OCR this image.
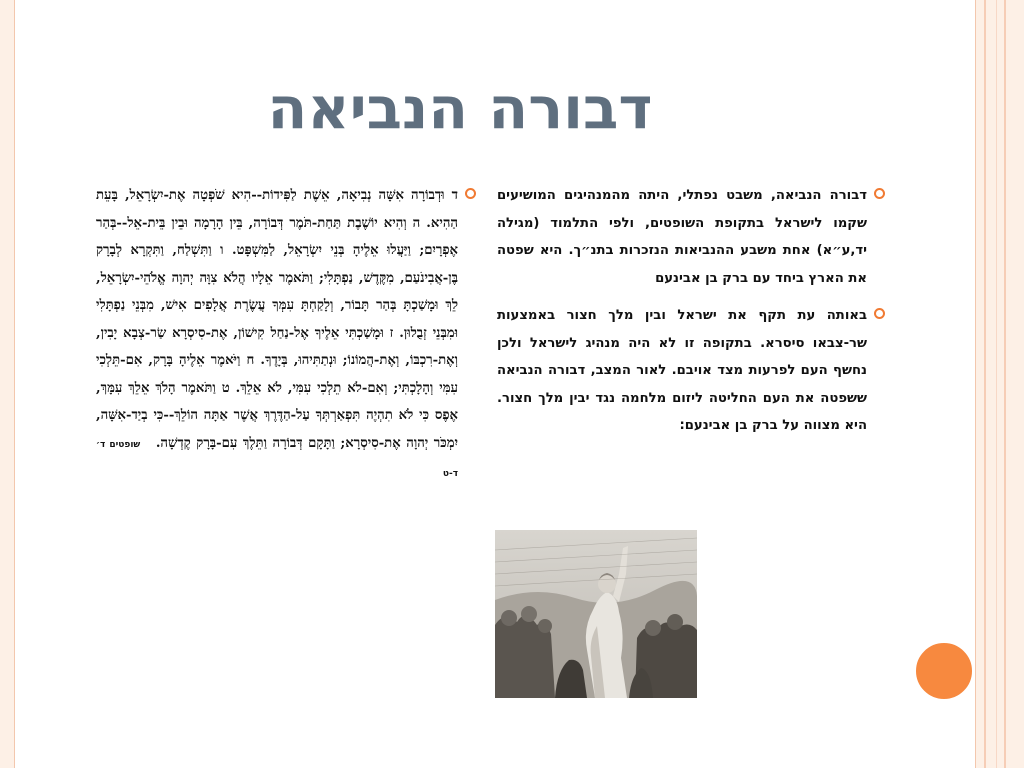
דבורה הנביאה
דבורה הנביאה, משבט נפתלי, היתה מהמנהיגים המושיעים שקמו לישראל בתקופת השופטים, ולפי התלמוד (מגילה יד,ע״א) אחת משבע ההנביאות הנזכרות בתנ״ך. היא שפטה את הארץ ביחד עם ברק בן אבינעם
באותה עת תקף את ישראל ובין מלך חצור באמצעות שר-צבאו סיסרא. בתקופה זו לא היה מנהיג לישראל ולכן נחשף העם לפרעות מצד אויבם. לאור המצב, דבורה הנביאה ששפטה את העם החליטה ליזום מלחמה נגד יבין מלך חצור. היא מצווה על ברק בן אבינעם:
ד וּדְבוֹרָה אִשָּׁה נְבִיאָה, אֵשֶׁת לַפִּידוֹת--הִיא שֹׁפְטָה אֶת-יִשְׂרָאֵל, בָּעֵת הַהִיא. ה וְהִיא יוֹשֶׁבֶת תַּחַת-תֹּמֶר דְּבוֹרָה, בֵּין הָרָמָה וּבֵין בֵּית-אֵל--בְּהַר אֶפְרָיִם; וַיַּעֲלוּ אֵלֶיהָ בְּנֵי יִשְׂרָאֵל, לַמִּשְׁפָּט. ו וַתִּשְׁלַח, וַתִּקְרָא לְבָרָק בֶּן-אֲבִינֹעַם, מִקֶּדֶשׁ, נַפְתָּלִי; וַתֹּאמֶר אֵלָיו הֲלֹא צִוָּה יְהוָה אֱלֹהֵי-יִשְׂרָאֵל, לֵךְ וּמָשַׁכְתָּ בְּהַר תָּבוֹר, וְלָקַחְתָּ עִמְּךָ עֲשֶׂרֶת אֲלָפִים אִישׁ, מִבְּנֵי נַפְתָּלִי וּמִבְּנֵי זְבֻלוּן. ז וּמָשַׁכְתִּי אֵלֶיךָ אֶל-נַחַל קִישׁוֹן, אֶת-סִיסְרָא שַׂר-צְבָא יָבִין, וְאֶת-רִכְבּוֹ, וְאֶת-הֲמוֹנוֹ; וּנְתַתִּיהוּ, בְּיָדֶךָ. ח וַיֹּאמֶר אֵלֶיהָ בָּרָק, אִם-תֵּלְכִי עִמִּי וְהָלָכְתִּי; וְאִם-לֹא תֵלְכִי עִמִּי, לֹא אֵלֵךְ. ט וַתֹּאמֶר הָלֹךְ אֵלֵךְ עִמָּךְ, אֶפֶס כִּי לֹא תִהְיֶה תִּפְאַרְתְּךָ עַל-הַדֶּרֶךְ אֲשֶׁר אַתָּה הוֹלֵךְ--כִּי בְיַד-אִשָּׁה, יִמְכֹּר יְהוָה אֶת-סִיסְרָא; וַתָּקָם דְּבוֹרָה וַתֵּלֶךְ עִם-בָּרָק קֶדְשָׁה. שופטים ד׳ ד-ט
